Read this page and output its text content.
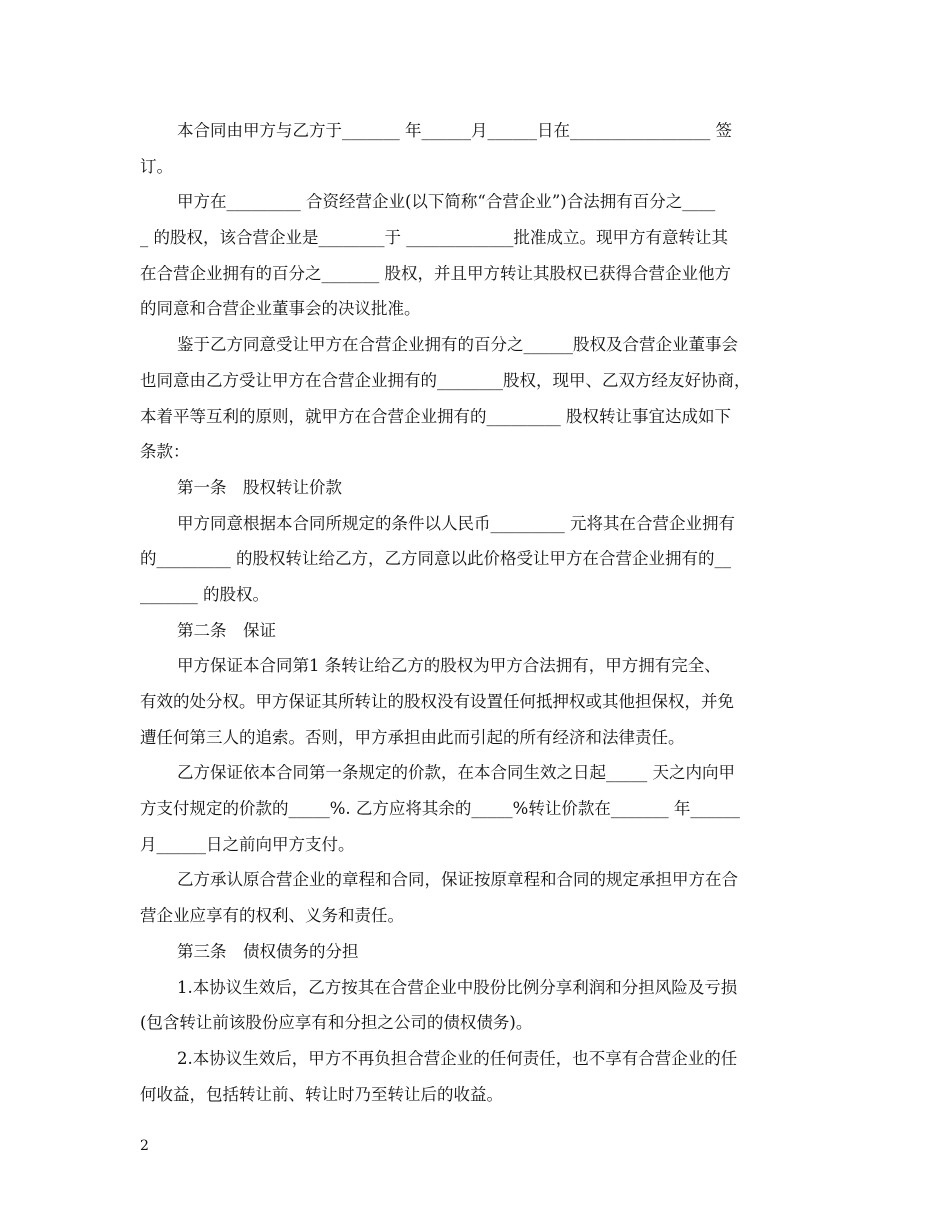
本合同由甲方与乙方于_______ 年______月______日在_________________ 签
订。
甲方在_________ 合资经营企业(以下简称“合营企业”)合法拥有百分之____
_ 的股权，该合营企业是________于 _____________批准成立。现甲方有意转让其
在合营企业拥有的百分之_______ 股权，并且甲方转让其股权已获得合营企业他方
的同意和合营企业董事会的决议批准。
鉴于乙方同意受让甲方在合营企业拥有的百分之______股权及合营企业董事会
也同意由乙方受让甲方在合营企业拥有的________股权，现甲、乙双方经友好协商，
本着平等互利的原则，就甲方在合营企业拥有的_________ 股权转让事宜达成如下
条款：
第一条　股权转让价款
甲方同意根据本合同所规定的条件以人民币_________ 元将其在合营企业拥有
的_________ 的股权转让给乙方，乙方同意以此价格受让甲方在合营企业拥有的__
_______ 的股权。
第二条　保证
甲方保证本合同第1 条转让给乙方的股权为甲方合法拥有，甲方拥有完全、
有效的处分权。甲方保证其所转让的股权没有设置任何抵押权或其他担保权，并免
遭任何第三人的追索。否则，甲方承担由此而引起的所有经济和法律责任。
乙方保证依本合同第一条规定的价款，在本合同生效之日起_____ 天之内向甲
方支付规定的价款的_____%. 乙方应将其余的_____%转让价款在_______ 年______
月______日之前向甲方支付。
乙方承认原合营企业的章程和合同，保证按原章程和合同的规定承担甲方在合
营企业应享有的权利、义务和责任。
第三条　债权债务的分担
1.本协议生效后，乙方按其在合营企业中股份比例分享利润和分担风险及亏损
(包含转让前该股份应享有和分担之公司的债权债务)。
2.本协议生效后，甲方不再负担合营企业的任何责任，也不享有合营企业的任
何收益，包括转让前、转让时乃至转让后的收益。
2
